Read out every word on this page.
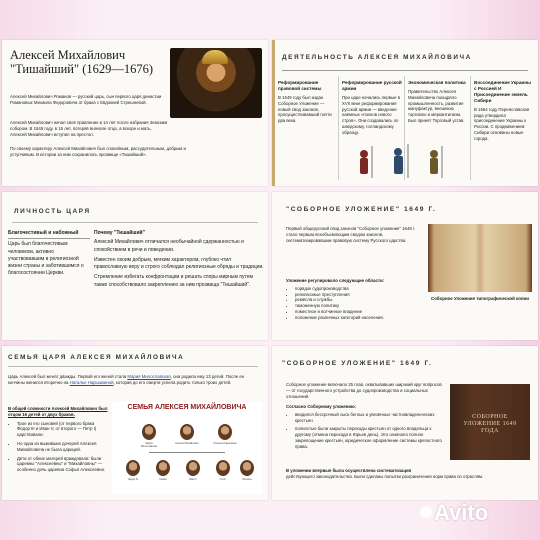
Алексей Михайлович
"Тишайший" (1629—1676)
Алексей Михайлович Романов — русский царь, сын первого царя династии Романовых Михаила Федоровича от брака с Евдокией Стрешневой.
Алексей Михайлович начал своё правление в 14 лет после избрания Земским собором. В 1645 году, в 16 лет, потеряв вначале отца, а вскоре и мать, Алексей Михайлович вступил на престол.
По своему характеру Алексей Михайлович был спокойным, рассудительным, добрым и уступчивым. В истории за ним сохранилось прозвище «Тишайший».
ДЕЯТЕЛЬНОСТЬ АЛЕКСЕЯ МИХАЙЛОВИЧА
Реформирование правовой системы
В 1649 году был издан Соборное Уложение — новый свод законов, просуществовавший почти два века.
Реформирование русской армии
При царе начались первые в XVII веке реформирования русской армии — введение наёмных «полков нового строя». Они создавались по шведскому, голландскому образцу.
Экономическая политика
Правительство Алексея Михайловича поощряло промышленность, развитие мануфактур, внешнюю торговлю и меркантилизм. Был принят Торговый устав.
Воссоединение Украины с Россией И Присоединение земель Сибири
В 1654 году Переяславская рада утвердила присоединение Украины к России. С продвижением Сибири основаны новые города.
ЛИЧНОСТЬ ЦАРЯ
Благочестивый и набожный
Царь был благочестивым человеком, активно участвовавшим в религиозной жизни страны и заботившимся о благосостоянии Церкви.
Почему "Тишайший"
Алексей Михайлович отличался необычайной сдержанностью и спокойствием в речи и поведении.
Известен своим добрым, мягким характером, глубоко чтил православную веру и строго соблюдал религиозные обряды и традиции.
Стремление избегать конфронтации и решать споры мирным путем также способствовало закреплению за ним прозвища "Тишайший".
"СОБОРНОЕ УЛОЖЕНИЕ" 1649 Г.
Первый общерусский свод законов "Соборное уложение" 1649 г. стало первым всеобъемлющим сводом законов, систематизировавшим правовую систему Русского царства.
Соборное Уложение типографической копии
Уложение регулировало следующие области:
• порядок судопроизводства
• религиозные преступления
• ремёсла и службы
• таможенную политику
• поместное и вотчинное владение
• положение различных категорий населения.
СЕМЬЯ ЦАРЯ АЛЕКСЕЯ МИХАЙЛОВИЧА
Царь Алексей был женат дважды. Первой его женой стала Мария Милославская, она родила ему 13 детей. После ее кончины женился вторично на Наталье Нарышкиной, которая до его смерти успела родить только троих детей.
В общей сложности Алексей Михайлович был отцом 16 детей от двух браков.
• Трое из его сыновей (от первого брака Федор III и Иван V, от второго — Петр I) царствовали.
• Но одна из выживших дочерей Алексея Михайловича не была царицей.
• Дети от обеих матерей враждовали: были царевны "Алексеевны" и "Михайловны" — особенно дочь царевна Софья Алексеевна.
СЕМЬЯ АЛЕКСЕЯ МИХАЙЛОВИЧА
Мария Милославская
Алексей Михайлович	Наталья Нарышкина
Федор III	Софья	Иван V	Петр I	Наталья
"СОБОРНОЕ УЛОЖЕНИЕ" 1649 Г.
Соборное уложение включало 25 глав, охватывавших широкий круг вопросов — от государственного устройства до судопроизводства и социальных отношений.
СОБОРНОЕ УЛОЖЕНИЕ 1649 ГОДА
Согласно Соборному уложению:
• вводился бессрочный сыск беглых и увезённых частновладельческих крестьян
• полностью были закрыты переходы крестьян от одного владельца к другому (отмена перехода в Юрьев день). Это означало полное закрепощение крестьян, юридическое оформление системы крепостного права.
В уложении впервые была осуществлена систематизация
действующего законодательства. Были сделаны попытки разграничения норм права по отраслям.
Avito
